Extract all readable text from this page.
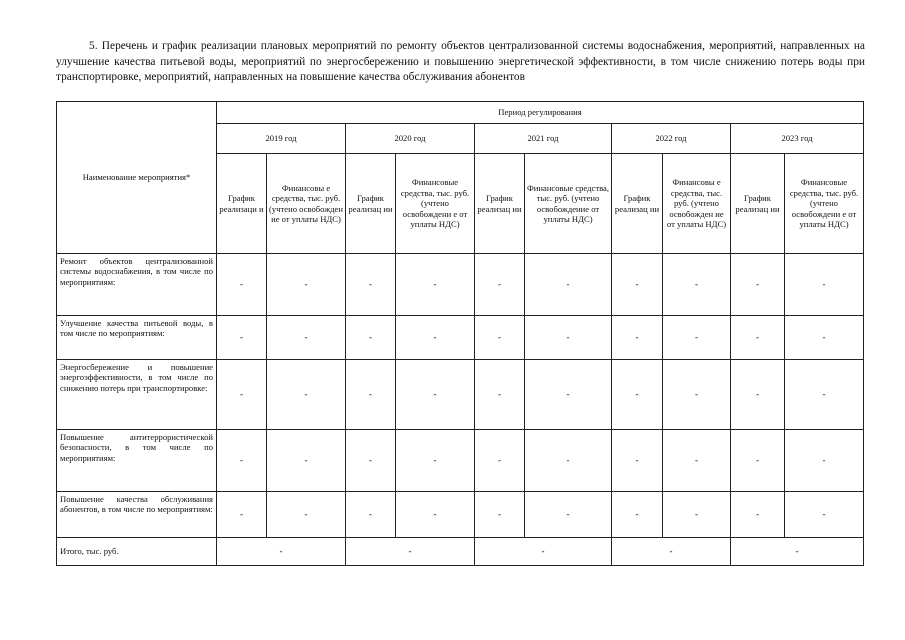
5. Перечень и график реализации плановых мероприятий по ремонту объектов централизованной системы водоснабжения, мероприятий, направленных на улучшение качества питьевой воды, мероприятий по энергосбережению и повышению энергетической эффективности, в том числе снижению потерь воды при транспортировке, мероприятий, направленных на повышение качества обслуживания абонентов
Наименование мероприятия*	Период регулирования									
	2019 год		2020 год		2021 год		2022 год		2023 год	
	График реализаци и	Финансовы е средства, тыс. руб. (учтено освобожден ие от уплаты НДС)	График реализац ии	Финансовые средства, тыс. руб. (учтено освобождени е от уплаты НДС)	График реализац ии	Финансовые средства, тыс. руб. (учтено освобождение от уплаты НДС)	График реализац ии	Финансовы е средства, тыс. руб. (учтено освобожден ие от уплаты НДС)	График реализац ии	Финансовые средства, тыс. руб. (учтено освобождени е от уплаты НДС)

Ремонт объектов централизованной системы водоснабжения, в том числе по мероприятиям:	-	-	-	-	-	-	-	-	-	-

Улучшение качества питьевой воды, в том числе по мероприятиям:	-	-	-	-	-	-	-	-	-	-

Энергосбережение и повышение энергоэффективности, в том числе по снижению потерь при транспортировке:	-	-	-	-	-	-	-	-	-	-

Повышение антитеррористической безопасности, в том числе по мероприятиям:	-	-	-	-	-	-	-	-	-	-

Повышение качества обслуживания абонентов, в том числе по мероприятиям:	-	-	-	-	-	-	-	-	-	-
Итого, тыс. руб.	-		-		-		-		-	
